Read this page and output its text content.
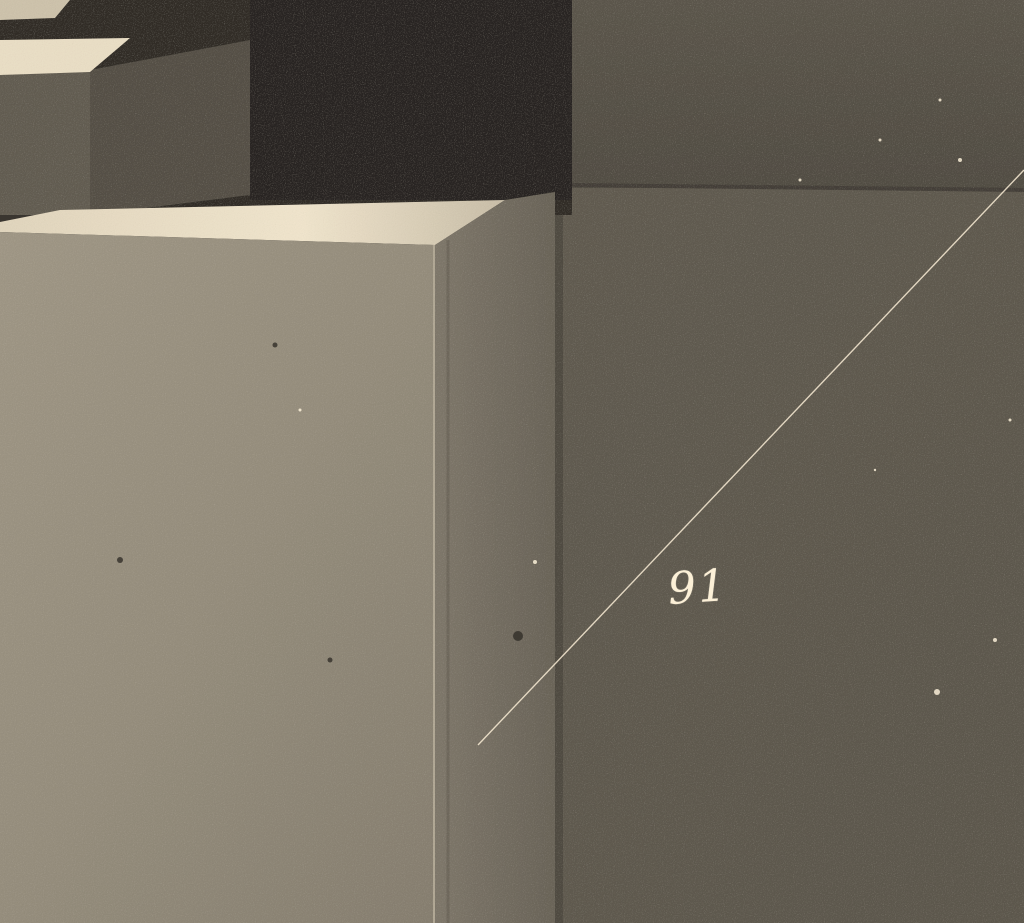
91
